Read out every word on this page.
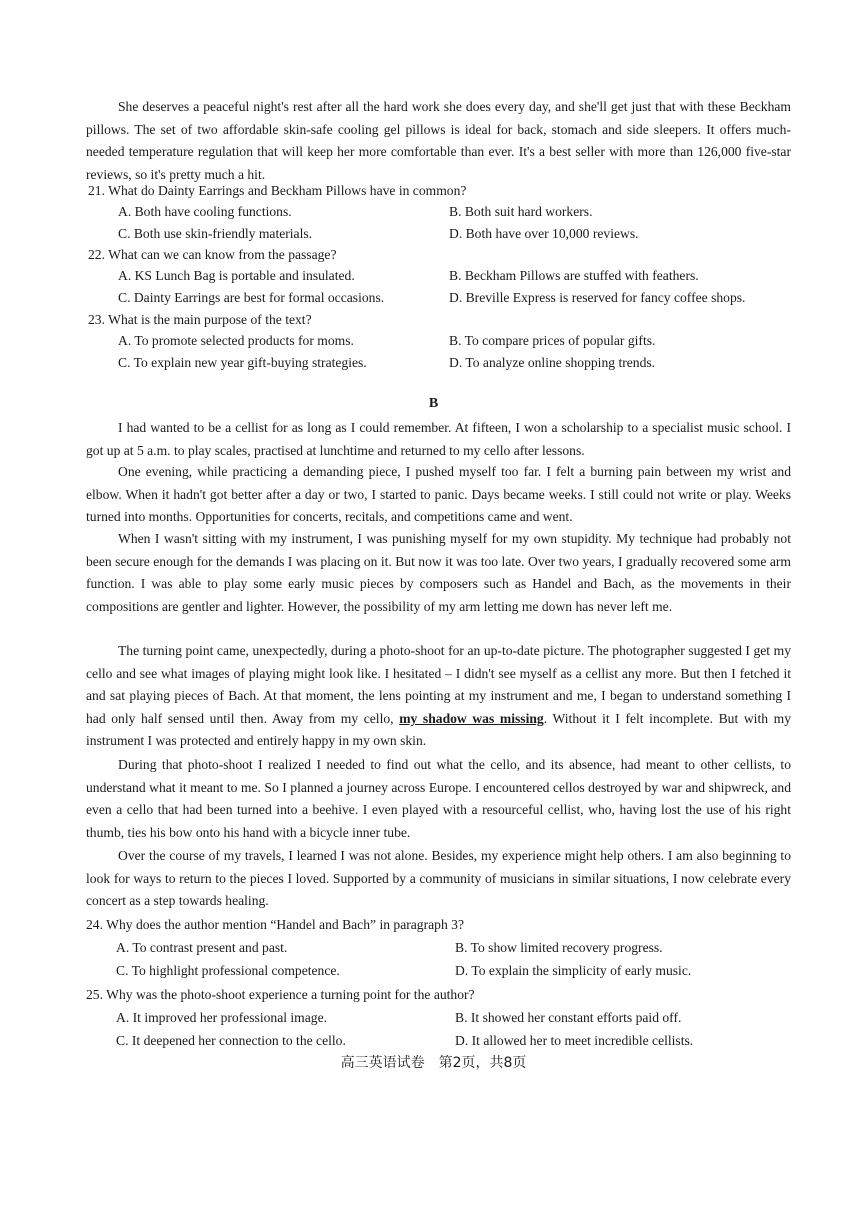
She deserves a peaceful night's rest after all the hard work she does every day, and she'll get just that with these Beckham pillows. The set of two affordable skin-safe cooling gel pillows is ideal for back, stomach and side sleepers. It offers much-needed temperature regulation that will keep her more comfortable than ever. It's a best seller with more than 126,000 five-star reviews, so it's pretty much a hit.

21. What do Dainty Earrings and Beckham Pillows have in common?
A. Both have cooling functions.	B. Both suit hard workers.
C. Both use skin-friendly materials.	D. Both have over 10,000 reviews.
22. What can we can know from the passage?
A. KS Lunch Bag is portable and insulated.	B. Beckham Pillows are stuffed with feathers.
C. Dainty Earrings are best for formal occasions.	D. Breville Express is reserved for fancy coffee shops.
23. What is the main purpose of the text?
A. To promote selected products for moms.	B. To compare prices of popular gifts.
C. To explain new year gift-buying strategies.	D. To analyze online shopping trends.
B

I had wanted to be a cellist for as long as I could remember. At fifteen, I won a scholarship to a specialist music school. I got up at 5 a.m. to play scales, practised at lunchtime and returned to my cello after lessons.

One evening, while practicing a demanding piece, I pushed myself too far. I felt a burning pain between my wrist and elbow. When it hadn't got better after a day or two, I started to panic. Days became weeks. I still could not write or play. Weeks turned into months. Opportunities for concerts, recitals, and competitions came and went.

When I wasn't sitting with my instrument, I was punishing myself for my own stupidity. My technique had probably not been secure enough for the demands I was placing on it. But now it was too late. Over two years, I gradually recovered some arm function. I was able to play some early music pieces by composers such as Handel and Bach, as the movements in their compositions are gentler and lighter. However, the possibility of my arm letting me down has never left me.

The turning point came, unexpectedly, during a photo-shoot for an up-to-date picture. The photographer suggested I get my cello and see what images of playing might look like. I hesitated – I didn't see myself as a cellist any more. But then I fetched it and sat playing pieces of Bach. At that moment, the lens pointing at my instrument and me, I began to understand something I had only half sensed until then. Away from my cello, my shadow was missing. Without it I felt incomplete. But with my instrument I was protected and entirely happy in my own skin.

During that photo-shoot I realized I needed to find out what the cello, and its absence, had meant to other cellists, to understand what it meant to me. So I planned a journey across Europe. I encountered cellos destroyed by war and shipwreck, and even a cello that had been turned into a beehive. I even played with a resourceful cellist, who, having lost the use of his right thumb, ties his bow onto his hand with a bicycle inner tube.

Over the course of my travels, I learned I was not alone. Besides, my experience might help others. I am also beginning to look for ways to return to the pieces I loved. Supported by a community of musicians in similar situations, I now celebrate every concert as a step towards healing.

24. Why does the author mention “Handel and Bach” in paragraph 3?
A. To contrast present and past.	B. To show limited recovery progress.
C. To highlight professional competence.	D. To explain the simplicity of early music.
25. Why was the photo-shoot experience a turning point for the author?
A. It improved her professional image.	B. It showed her constant efforts paid off.
C. It deepened her connection to the cello.	D. It allowed her to meet incredible cellists.
高三英语试卷　第2页，共8页
